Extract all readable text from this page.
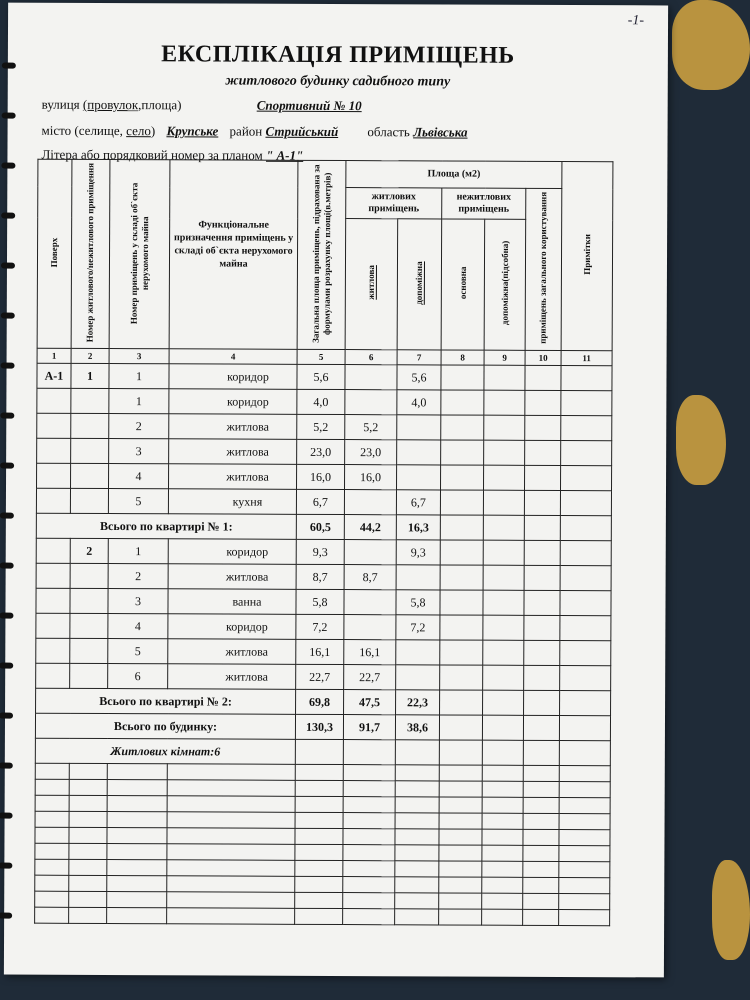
-1-
ЕКСПЛІКАЦІЯ ПРИМІЩЕНЬ
житлового будинку садибного типу
вулиця (провулок,площа)	Спортивний № 10
місто (селище, село) Крупське район Стрийський область Львівська
Літера або порядковий номер за планом " А-1"
Поверх	Номер житлового/нежитлового приміщення	Номер приміщень у складі об`єкта нерухомого майна	Функціональне призначення приміщень у складі об`єкта нерухомого майна	Загальна площа приміщень, підрахована за формулами розрахунку площі(в.метрів)	Площа (м2)					Примітки
					житлових приміщень		нежитлових приміщень		приміщень загального користування	
					житлова	допоміжна	основна	допоміжна(підсобна)		
1	2	3	4	5	6	7	8	9	10	11
А-1	1	1	коридор	5,6		5,6				
		1	коридор	4,0		4,0				
		2	житлова	5,2	5,2					
		3	житлова	23,0	23,0					
		4	житлова	16,0	16,0					
		5	кухня	6,7		6,7				
Всього по квартирі № 1:				60,5	44,2	16,3				
	2	1	коридор	9,3		9,3				
		2	житлова	8,7	8,7					
		3	ванна	5,8		5,8				
		4	коридор	7,2		7,2				
		5	житлова	16,1	16,1					
		6	житлова	22,7	22,7					
Всього по квартирі № 2:				69,8	47,5	22,3				
Всього по будинку:				130,3	91,7	38,6				
Житлових кімнат:6										
